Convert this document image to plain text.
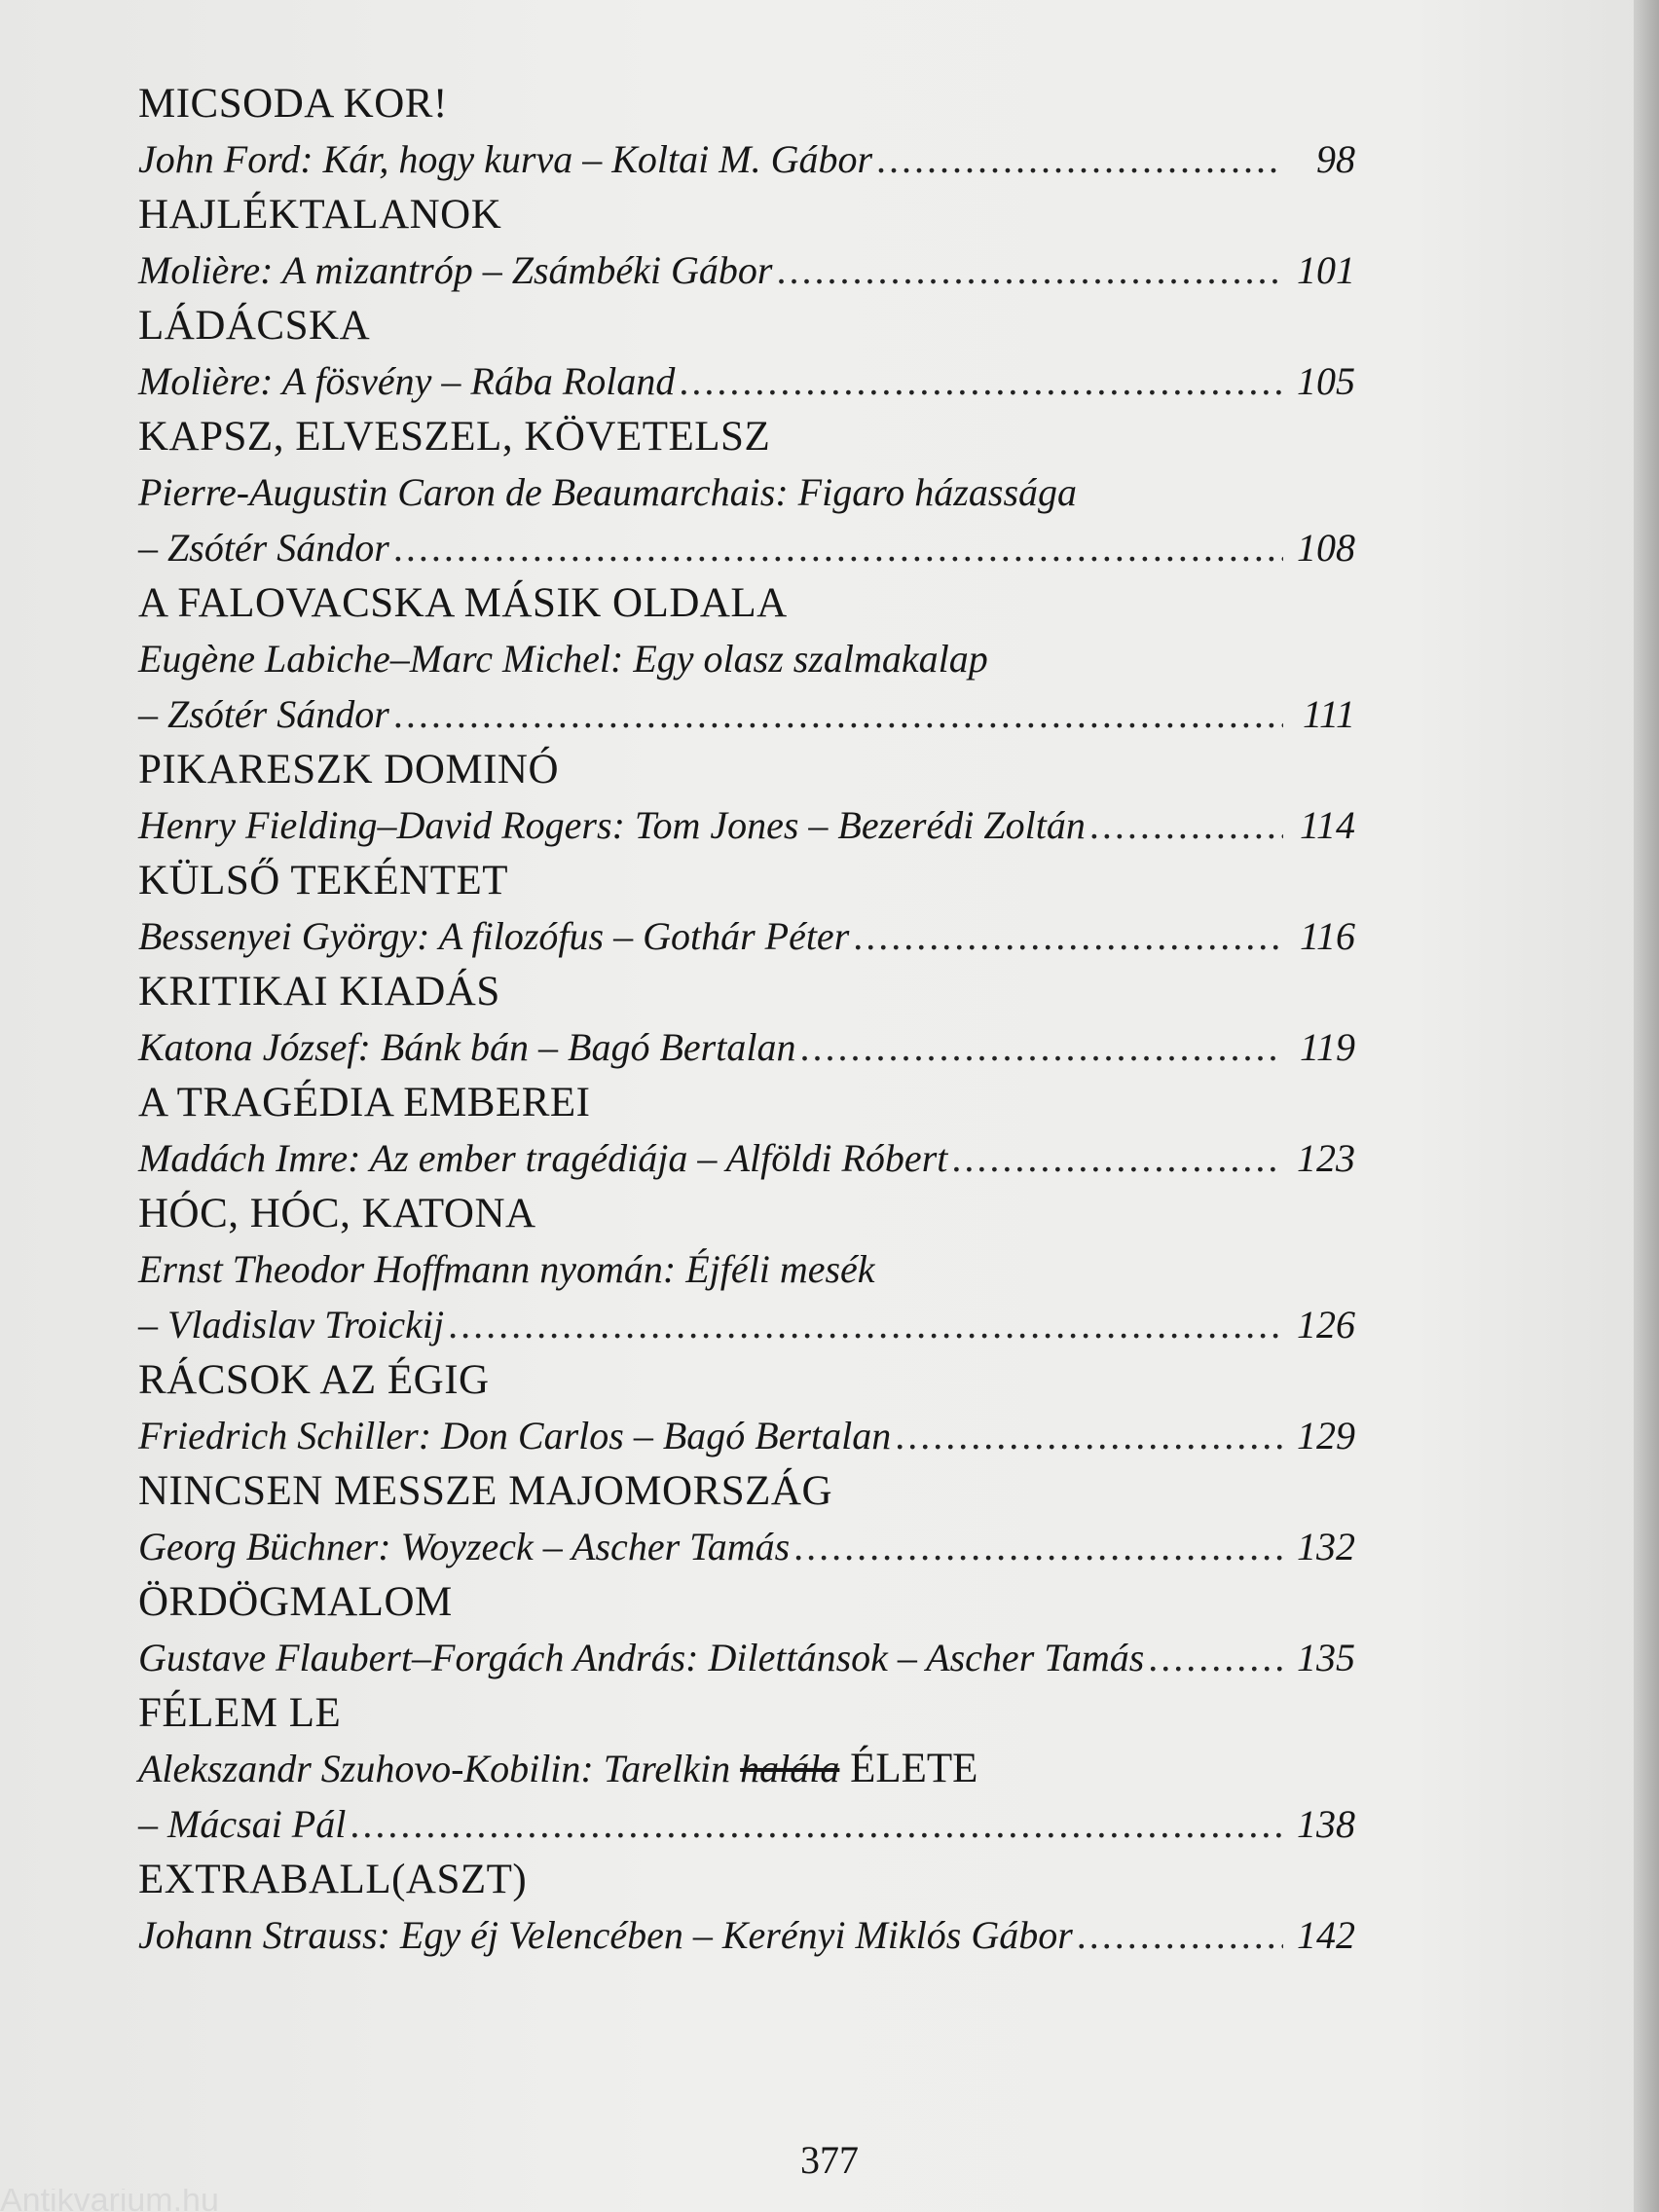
MICSODA KOR!
John Ford: Kár, hogy kurva – Koltai M. Gábor .....	98
HAJLÉKTALANOK
Molière: A mizantróp – Zsámbéki Gábor .....	101
LÁDÁCSKA
Molière: A fösvény – Rába Roland .....	105
KAPSZ, ELVESZEL, KÖVETELSZ
Pierre-Augustin Caron de Beaumarchais: Figaro házassága
– Zsótér Sándor .....	108
A FALOVACSKA MÁSIK OLDALA
Eugène Labiche–Marc Michel: Egy olasz szalmakalap
– Zsótér Sándor .....	111
PIKARESZK DOMINÓ
Henry Fielding–David Rogers: Tom Jones – Bezerédi Zoltán .....	114
KÜLSŐ TEKÉNTET
Bessenyei György: A filozófus – Gothár Péter .....	116
KRITIKAI KIADÁS
Katona József: Bánk bán – Bagó Bertalan .....	119
A TRAGÉDIA EMBEREI
Madách Imre: Az ember tragédiája – Alföldi Róbert .....	123
HÓC, HÓC, KATONA
Ernst Theodor Hoffmann nyomán: Éjféli mesék
– Vladislav Troickij .....	126
RÁCSOK AZ ÉGIG
Friedrich Schiller: Don Carlos – Bagó Bertalan .....	129
NINCSEN MESSZE MAJOMORSZÁG
Georg Büchner: Woyzeck – Ascher Tamás .....	132
ÖRDÖGMALOM
Gustave Flaubert–Forgách András: Dilettánsok – Ascher Tamás .....	135
FÉLEM LE
Alekszandr Szuhovo-Kobilin: Tarelkin halála ÉLETE
– Mácsai Pál .....	138
EXTRABALL(ASZT)
Johann Strauss: Egy éj Velencében – Kerényi Miklós Gábor .....	142
377
Antikvarium.hu
